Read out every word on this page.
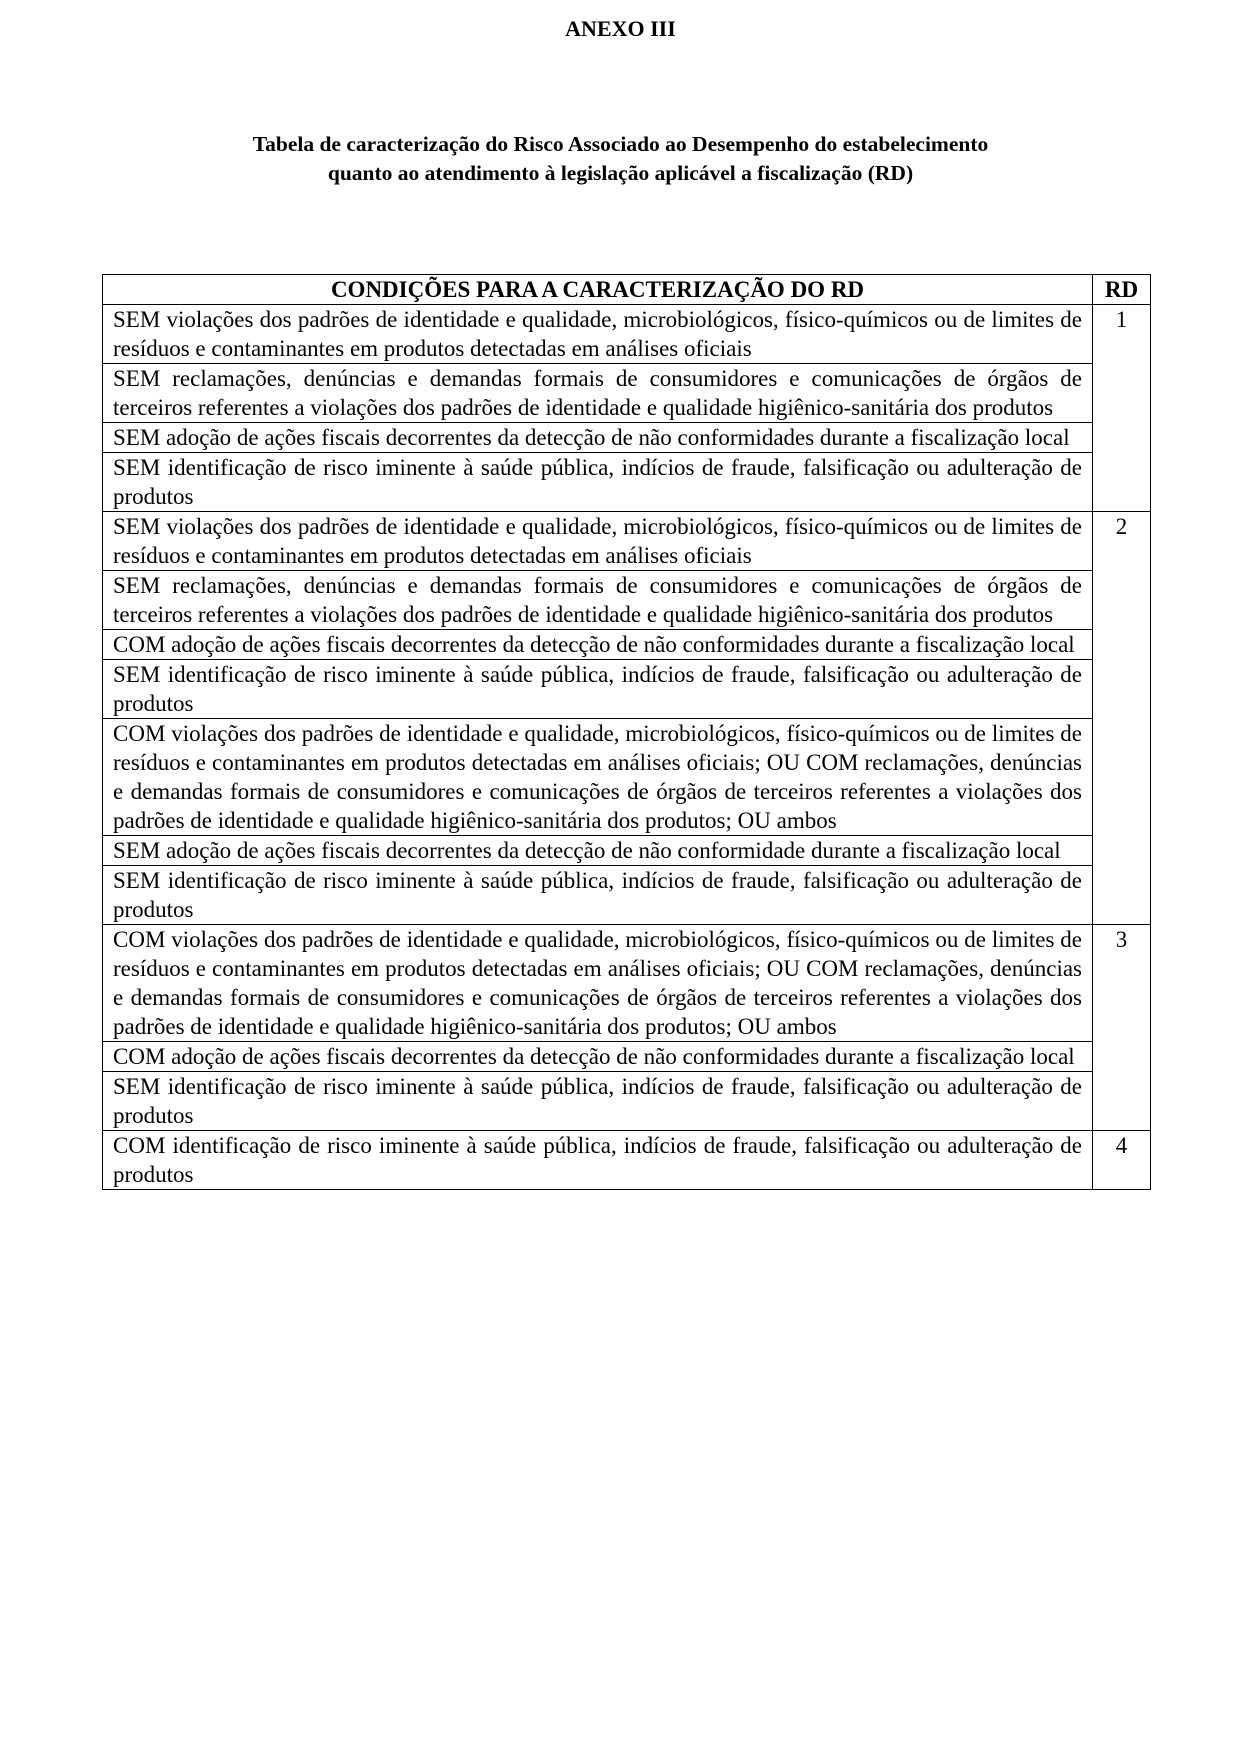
ANEXO III
Tabela de caracterização do Risco Associado ao Desempenho do estabelecimento
quanto ao atendimento à legislação aplicável a fiscalização (RD)
CONDIÇÕES PARA A CARACTERIZAÇÃO DO RD	RD
SEM violações dos padrões de identidade e qualidade, microbiológicos, físico-químicos ou de limites de resíduos e contaminantes em produtos detectadas em análises oficiais	1
SEM reclamações, denúncias e demandas formais de consumidores e comunicações de órgãos de terceiros referentes a violações dos padrões de identidade e qualidade higiênico-sanitária dos produtos	
SEM adoção de ações fiscais decorrentes da detecção de não conformidades durante a fiscalização local	
SEM identificação de risco iminente à saúde pública, indícios de fraude, falsificação ou adulteração de produtos	
SEM violações dos padrões de identidade e qualidade, microbiológicos, físico-químicos ou de limites de resíduos e contaminantes em produtos detectadas em análises oficiais	2
SEM reclamações, denúncias e demandas formais de consumidores e comunicações de órgãos de terceiros referentes a violações dos padrões de identidade e qualidade higiênico-sanitária dos produtos	
COM adoção de ações fiscais decorrentes da detecção de não conformidades durante a fiscalização local	
SEM identificação de risco iminente à saúde pública, indícios de fraude, falsificação ou adulteração de produtos	
COM violações dos padrões de identidade e qualidade, microbiológicos, físico-químicos ou de limites de resíduos e contaminantes em produtos detectadas em análises oficiais; OU COM reclamações, denúncias e demandas formais de consumidores e comunicações de órgãos de terceiros referentes a violações dos padrões de identidade e qualidade higiênico-sanitária dos produtos; OU ambos	
SEM adoção de ações fiscais decorrentes da detecção de não conformidade durante a fiscalização local	
SEM identificação de risco iminente à saúde pública, indícios de fraude, falsificação ou adulteração de produtos	
COM violações dos padrões de identidade e qualidade, microbiológicos, físico-químicos ou de limites de resíduos e contaminantes em produtos detectadas em análises oficiais; OU COM reclamações, denúncias e demandas formais de consumidores e comunicações de órgãos de terceiros referentes a violações dos padrões de identidade e qualidade higiênico-sanitária dos produtos; OU ambos	3
COM adoção de ações fiscais decorrentes da detecção de não conformidades durante a fiscalização local	
SEM identificação de risco iminente à saúde pública, indícios de fraude, falsificação ou adulteração de produtos	
COM identificação de risco iminente à saúde pública, indícios de fraude, falsificação ou adulteração de produtos	4
